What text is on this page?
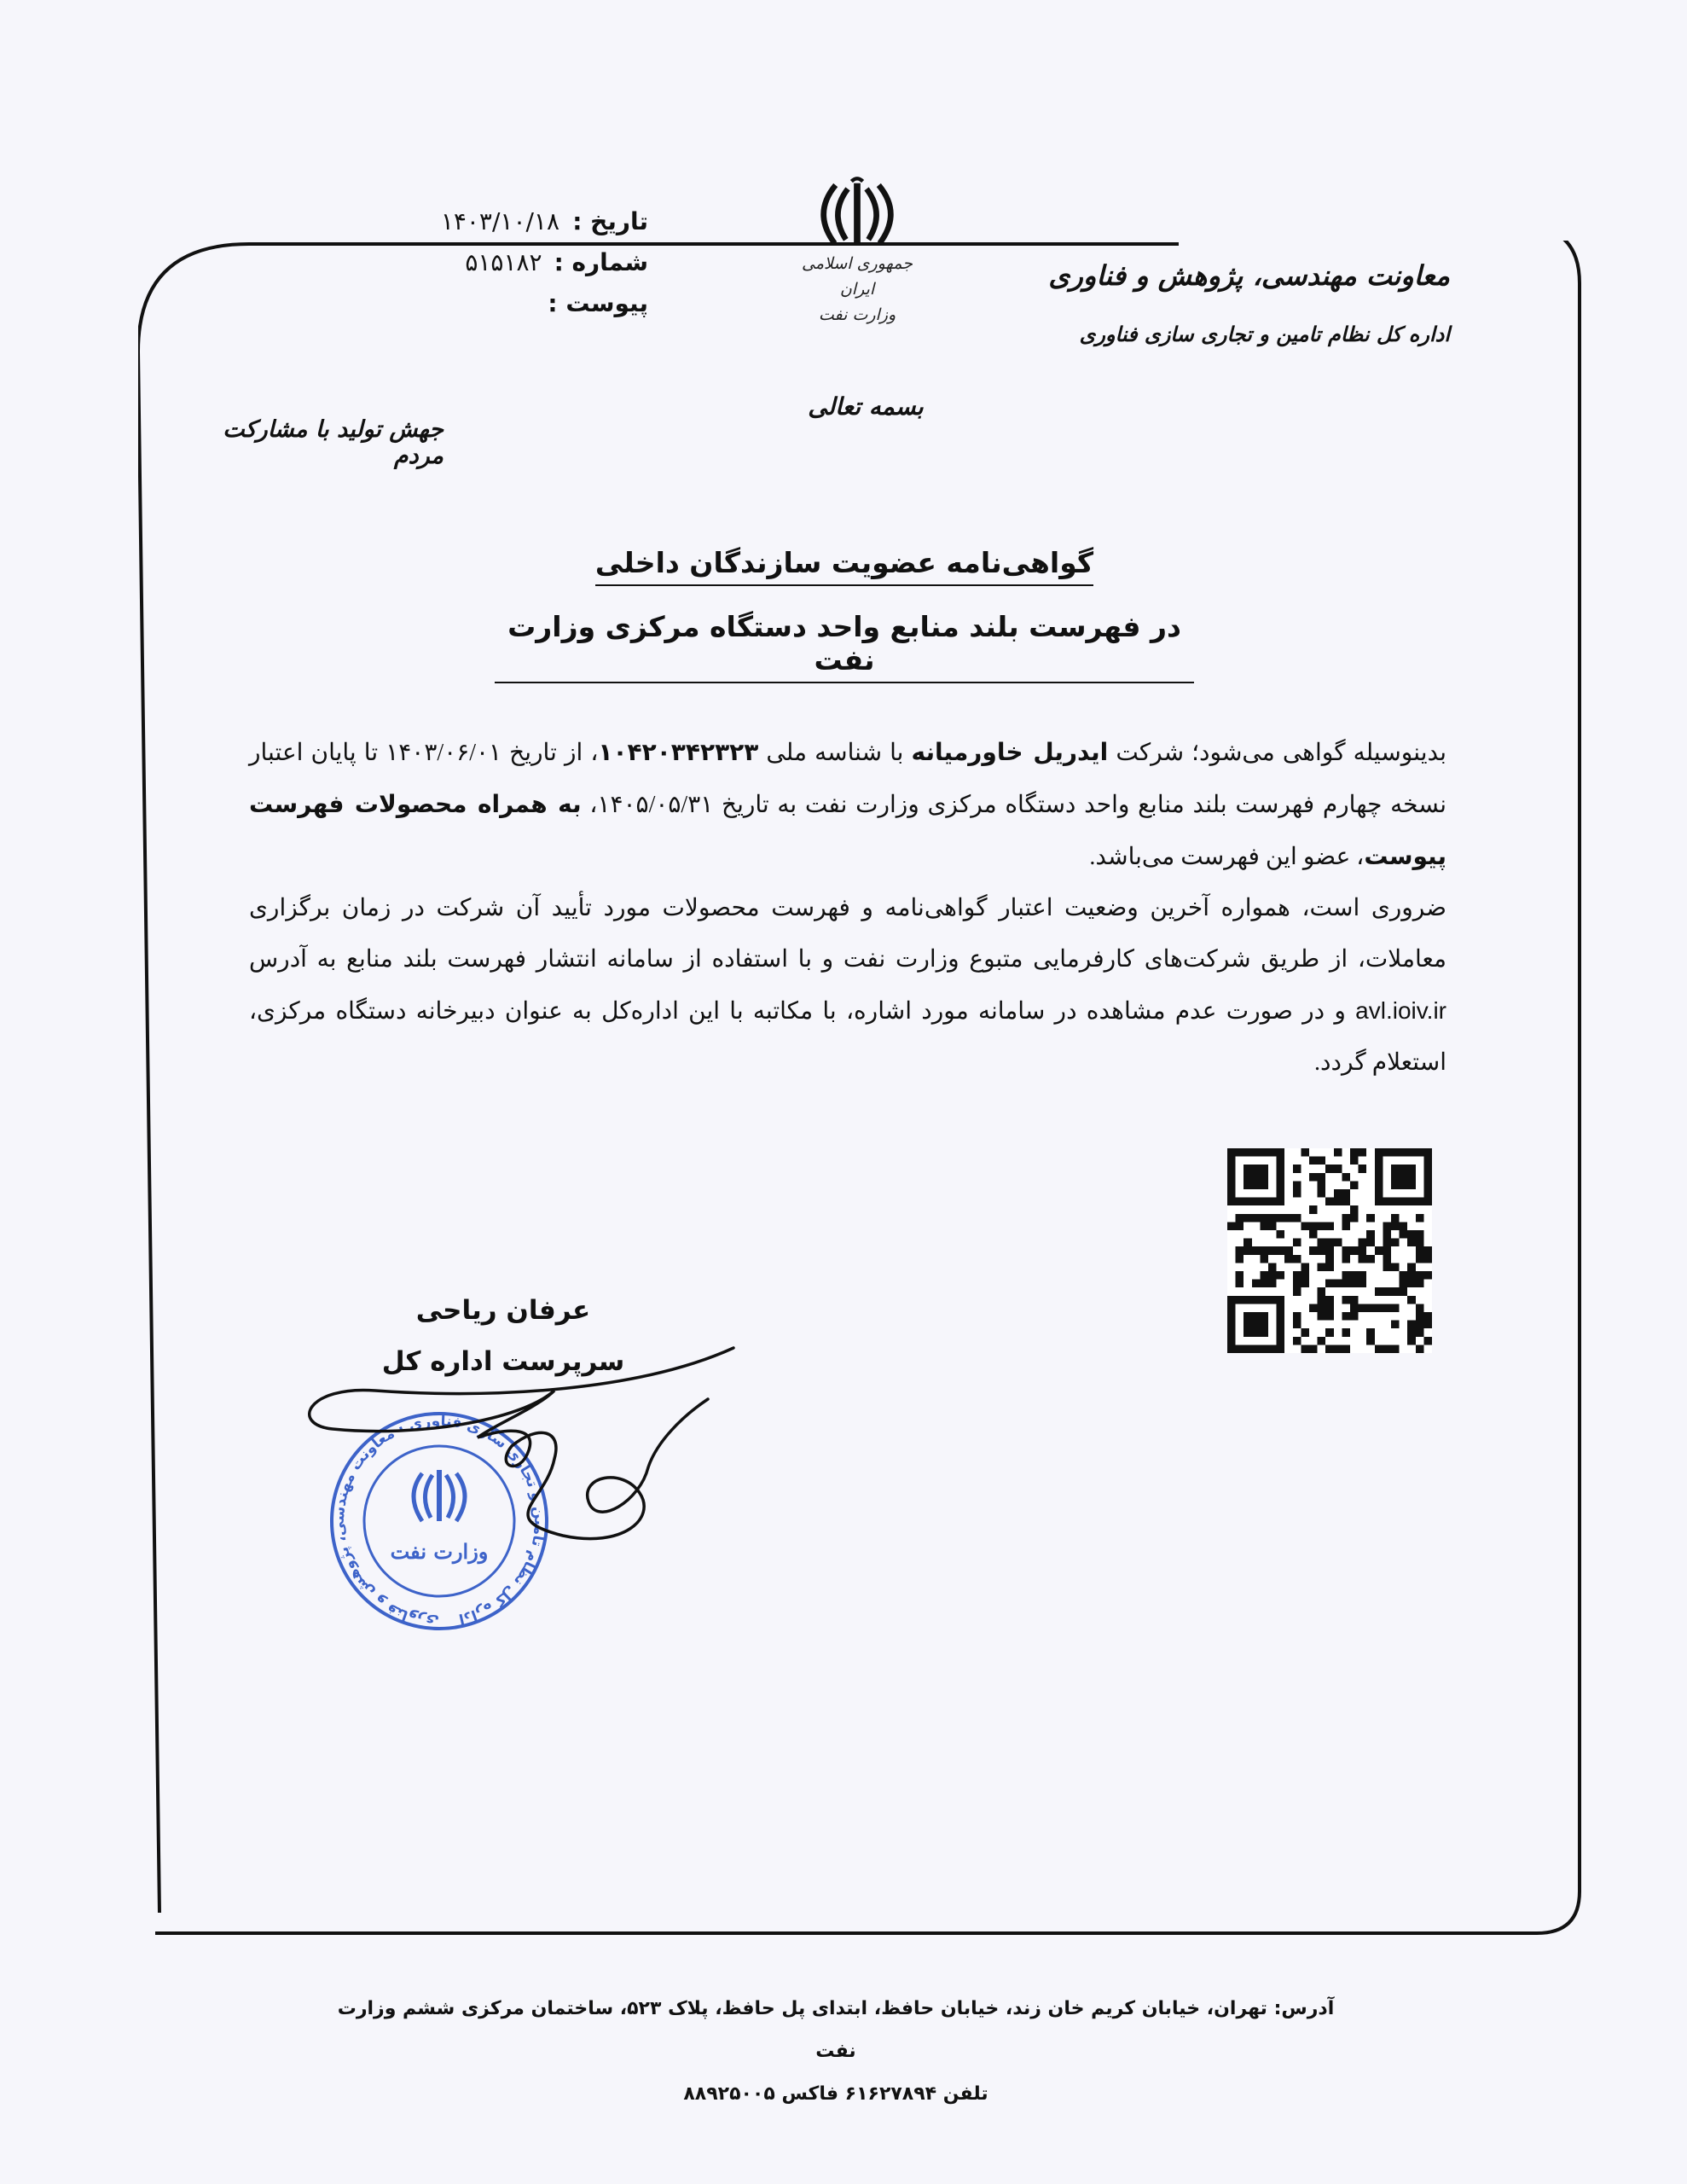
تاریخ :
۱۴۰۳/۱۰/۱۸
شماره :
۵۱۵۱۸۲
پیوست :
جمهوری اسلامی ایران
وزارت نفت
معاونت مهندسی، پژوهش و فناوری
اداره کل نظام تامین و تجاری سازی فناوری
بسمه تعالی
جهش تولید با مشارکت مردم
گواهی‌نامه عضویت سازندگان داخلی
در فهرست بلند منابع واحد دستگاه مرکزی وزارت نفت

بدینوسیله گواهی می‌شود؛ شرکت ایدریل خاورمیانه با شناسه ملی ۱۰۴۲۰۳۴۲۳۲۳، از تاریخ ۱۴۰۳/۰۶/۰۱ تا پایان اعتبار نسخه چهارم فهرست بلند منابع واحد دستگاه مرکزی وزارت نفت به تاریخ ۱۴۰۵/۰۵/۳۱، به همراه محصولات فهرست پیوست، عضو این فهرست می‌باشد.

ضروری است، همواره آخرین وضعیت اعتبار گواهی‌نامه و فهرست محصولات مورد تأیید آن شرکت در زمان برگزاری معاملات، از طریق شرکت‌های کارفرمایی متبوع وزارت نفت و با استفاده از سامانه انتشار فهرست بلند منابع به آدرس avl.ioiv.ir و در صورت عدم مشاهده در سامانه مورد اشاره، با مکاتبه با این اداره‌کل به عنوان دبیرخانه دستگاه مرکزی، استعلام گردد.

عرفان ریاحی
سرپرست اداره کل
اداره کل نظام تامین و تجاری سازی فناوری · معاونت مهندسی، پژوهش و فناوری
وزارت نفت
آدرس: تهران، خیابان کریم خان زند، خیابان حافظ، ابتدای پل حافظ، پلاک ۵۲۳، ساختمان مرکزی ششم وزارت نفت
تلفن ۶۱۶۲۷۸۹۴ فاکس ۸۸۹۲۵۰۰۵
